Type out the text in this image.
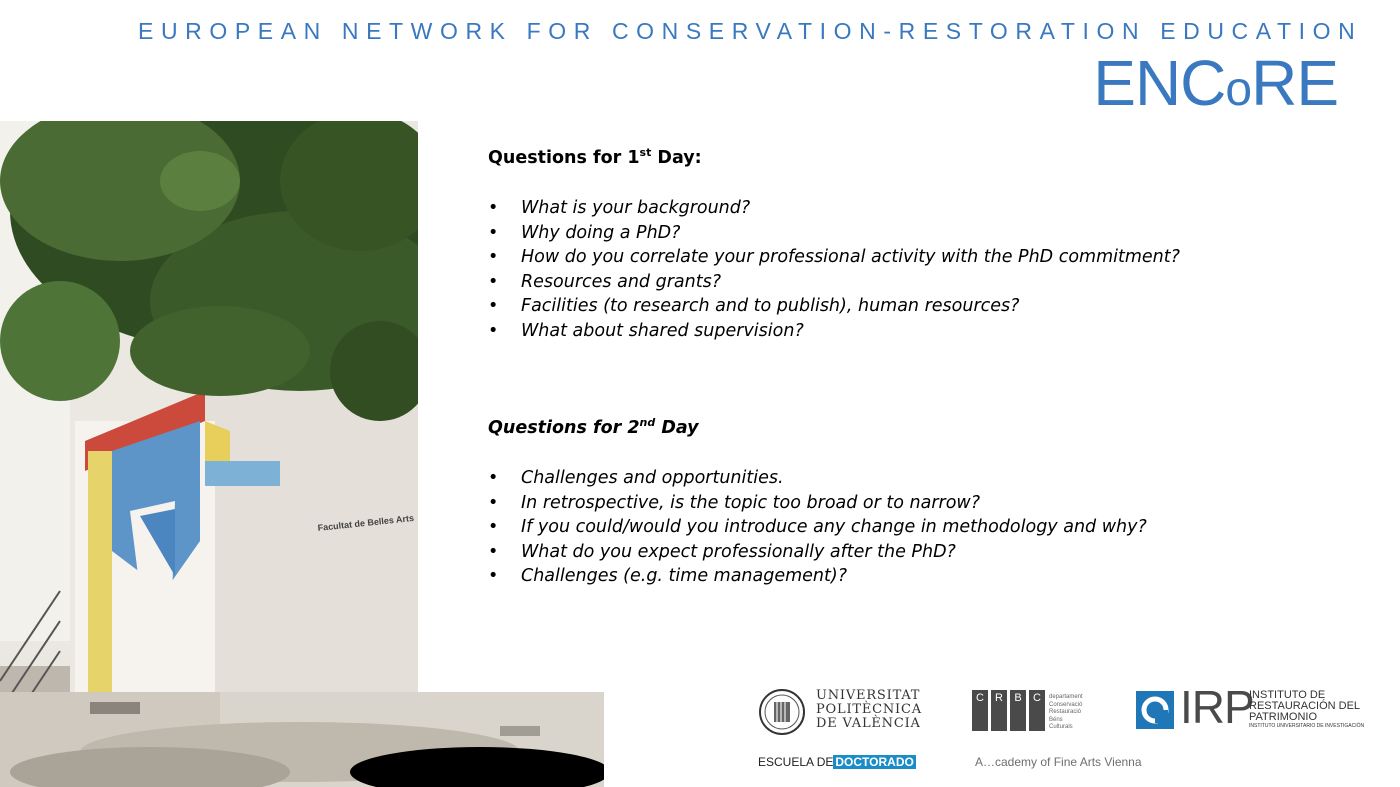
EUROPEAN NETWORK FOR CONSERVATION-RESTORATION EDUCATION
ENCoRE
Facultat de Belles Arts

Questions for 1st Day:

• What is your background?
• Why doing a PhD?
• How do you correlate your professional activity with the PhD commitment?
• Resources and grants?
• Facilities (to research and to publish), human resources?
• What about shared supervision?

Questions for 2nd Day

• Challenges and opportunities.
• In retrospective, is the topic too broad or to narrow?
• If you could/would you introduce any change in methodology and why?
• What do you expect professionally after the PhD?
• Challenges (e.g. time management)?
UNIVERSITAT
POLITÈCNICA
DE VALÈNCIA
C	R	B	C	departament
Conservació
Restauració
Béns
Culturals IRP
INSTITUTO DE
RESTAURACIÓN DEL
PATRIMONIO
INSTITUTO UNIVERSITARIO DE INVESTIGACIÓN
ESCUELA DE DOCTORADO	A…cademy of Fine Arts Vienna
